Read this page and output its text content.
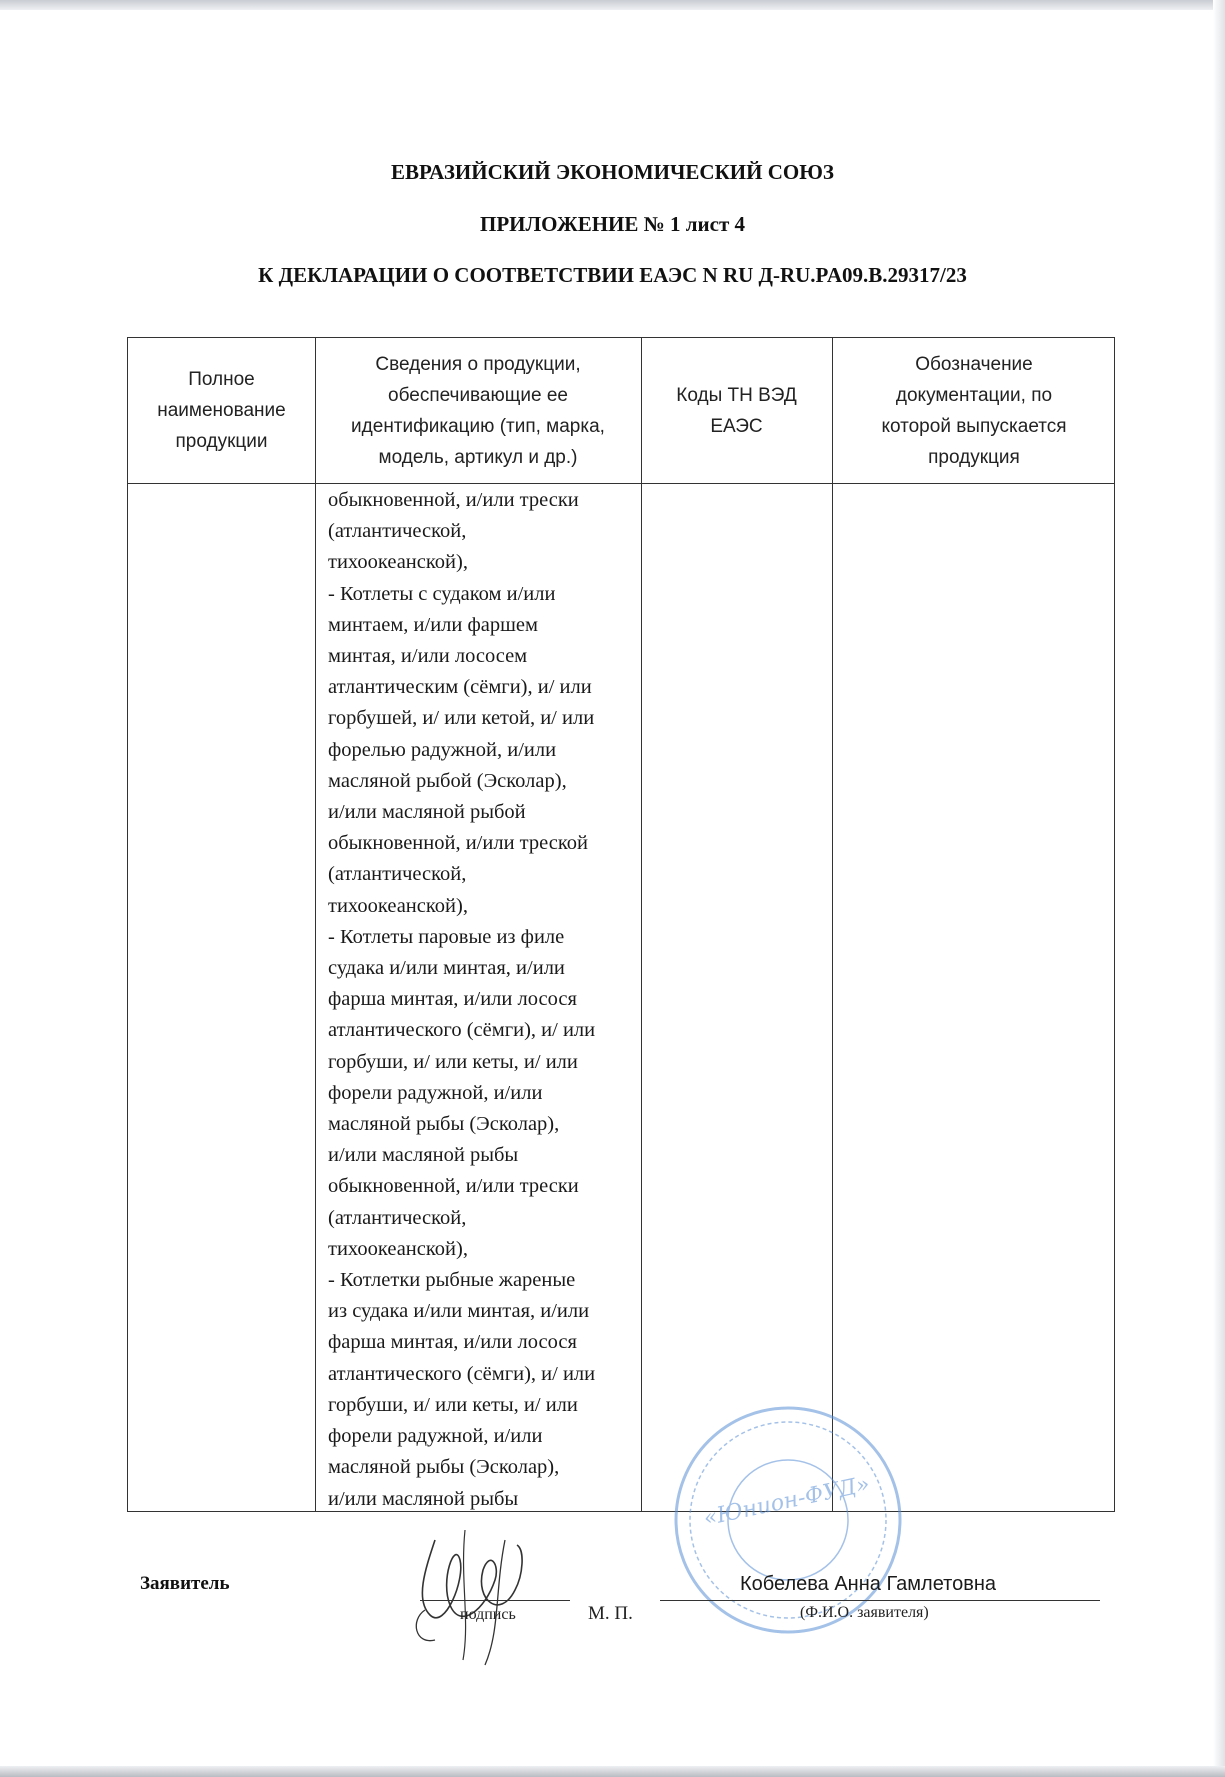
ЕВРАЗИЙСКИЙ ЭКОНОМИЧЕСКИЙ СОЮЗ
ПРИЛОЖЕНИЕ № 1 лист 4
К ДЕКЛАРАЦИИ О СООТВЕТСТВИИ ЕАЭС N RU Д-RU.PA09.B.29317/23
Полное
наименование
продукции
Сведения о продукции,
обеспечивающие ее
идентификацию (тип, марка,
модель, артикул и др.)
Коды ТН ВЭД
ЕАЭС
Обозначение
документации, по
которой выпускается
продукция
обыкновенной, и/или трески
(атлантической,
тихоокеанской),
- Котлеты с судаком и/или
минтаем, и/или фаршем
минтая, и/или лососем
атлантическим (сёмги), и/ или
горбушей, и/ или кетой, и/ или
форелью радужной, и/или
масляной рыбой (Эсколар),
и/или масляной рыбой
обыкновенной, и/или треской
(атлантической,
тихоокеанской),
- Котлеты паровые из филе
судака и/или минтая, и/или
фарша минтая, и/или лосося
атлантического (сёмги), и/ или
горбуши, и/ или кеты, и/ или
форели радужной, и/или
масляной рыбы (Эсколар),
и/или масляной рыбы
обыкновенной, и/или трески
(атлантической,
тихоокеанской),
- Котлетки рыбные жареные
из судака и/или минтая, и/или
фарша минтая, и/или лосося
атлантического (сёмги), и/ или
горбуши, и/ или кеты, и/ или
форели радужной, и/или
масляной рыбы (Эсколар),
и/или масляной рыбы	«Юнион-ФУД»
Заявитель
подпись	М. П.
Кобелева Анна Гамлетовна
(Ф.И.О. заявителя)
